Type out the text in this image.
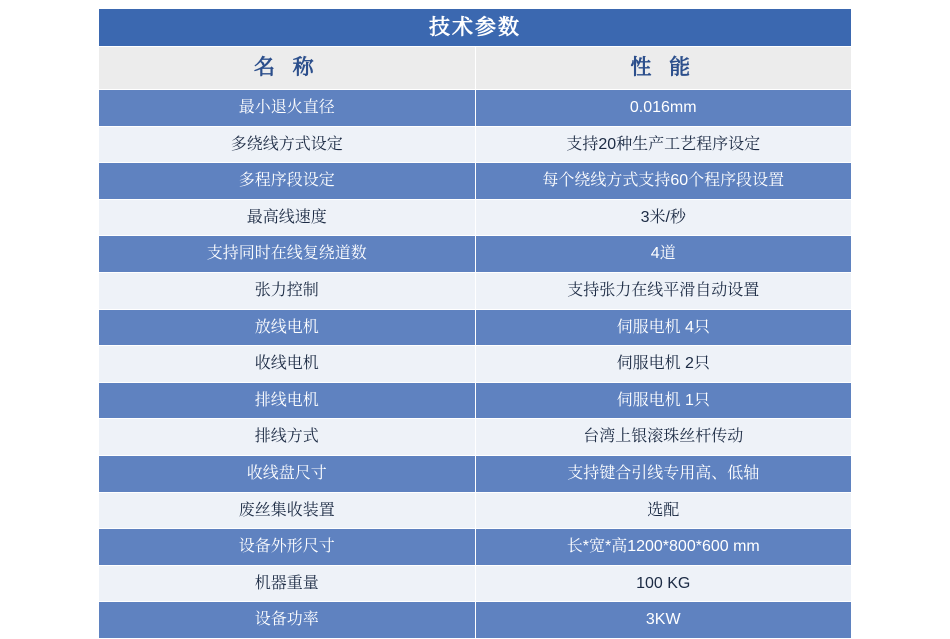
技术参数	

名 称	性 能

最小退火直径	0.016mm

多绕线方式设定	支持20种生产工艺程序设定

多程序段设定	每个绕线方式支持60个程序段设置

最高线速度	3米/秒

支持同时在线复绕道数	4道

张力控制	支持张力在线平滑自动设置

放线电机	伺服电机 4只

收线电机	伺服电机 2只

排线电机	伺服电机 1只

排线方式	台湾上银滚珠丝杆传动

收线盘尺寸	支持键合引线专用高、低轴

废丝集收装置	选配

设备外形尺寸	长*宽*高1200*800*600 mm

机器重量	100 KG

设备功率	3KW
